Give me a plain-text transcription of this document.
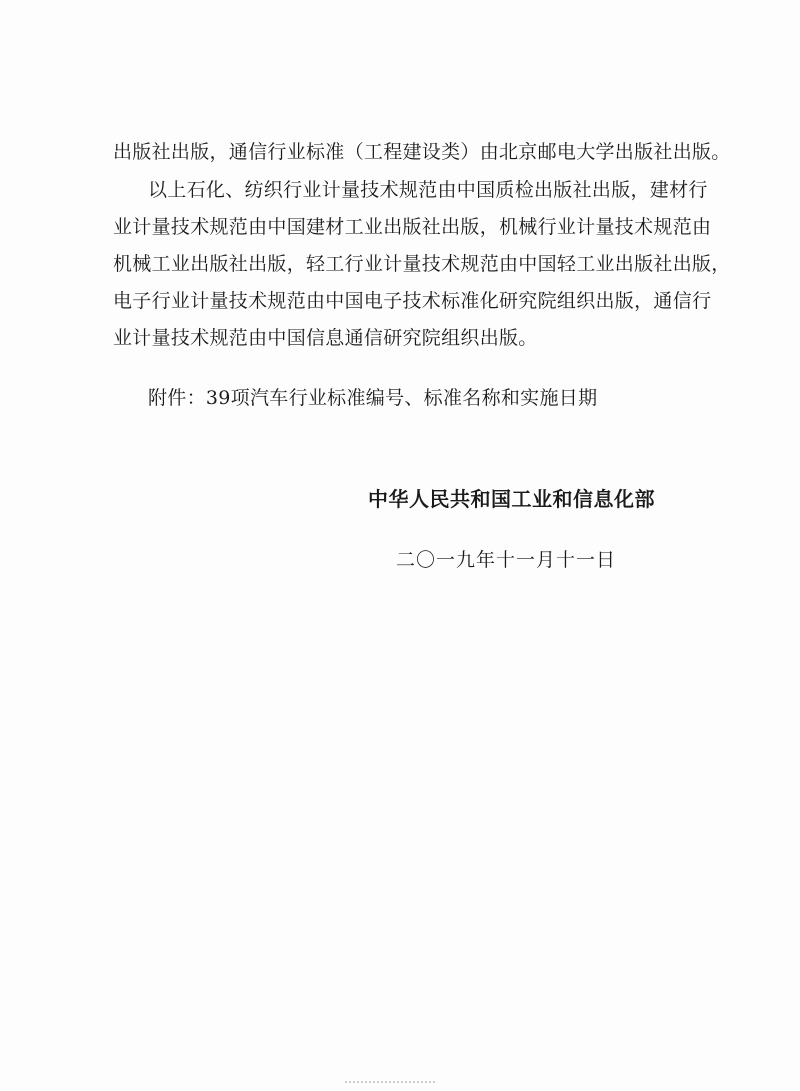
出版社出版，通信行业标准（工程建设类）由北京邮电大学出版社出版。
以上石化、纺织行业计量技术规范由中国质检出版社出版，建材行
业计量技术规范由中国建材工业出版社出版，机械行业计量技术规范由
机械工业出版社出版，轻工行业计量技术规范由中国轻工业出版社出版，
电子行业计量技术规范由中国电子技术标准化研究院组织出版，通信行
业计量技术规范由中国信息通信研究院组织出版。
附件：39项汽车行业标准编号、标准名称和实施日期
中华人民共和国工业和信息化部
二〇一九年十一月十一日
